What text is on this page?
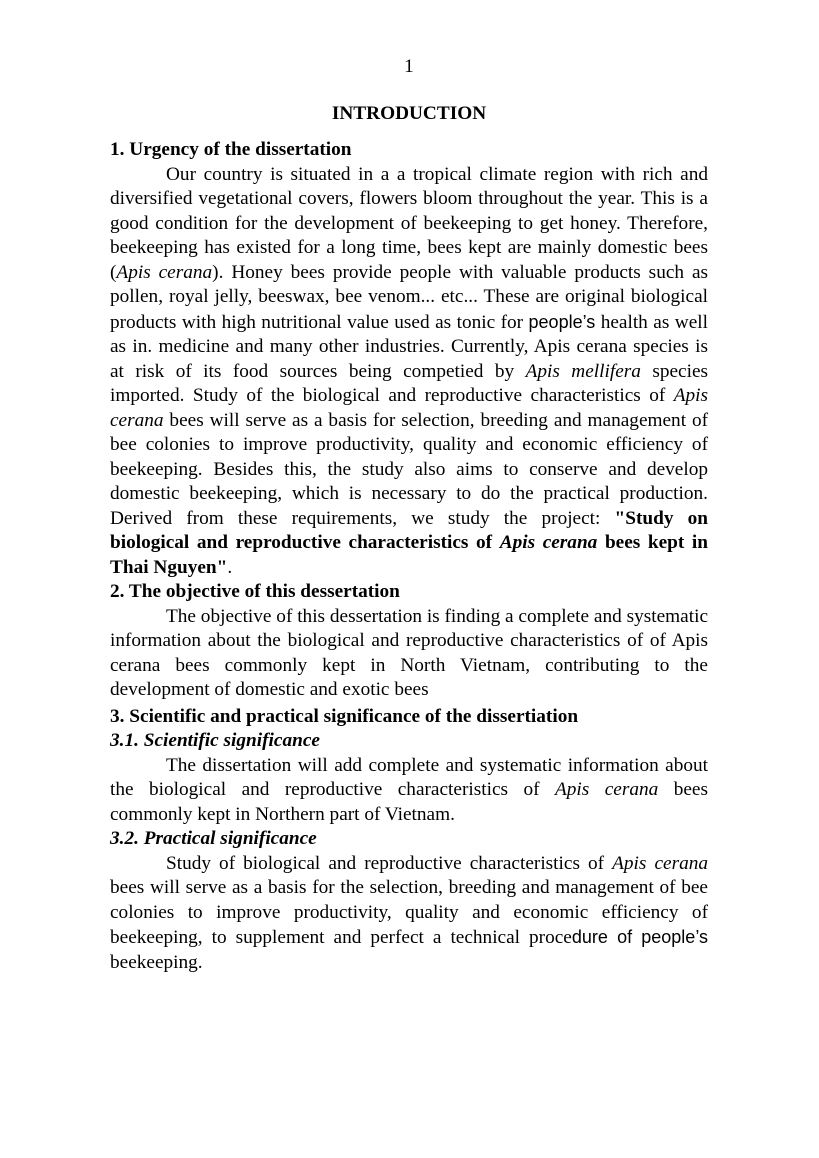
1
INTRODUCTION
1. Urgency of the dissertation

Our country is situated in a a tropical climate region with rich and diversified vegetational covers, flowers bloom throughout the year. This is a good condition for the development of beekeeping to get honey. Therefore, beekeeping has existed for a long time, bees kept are mainly domestic bees (Apis cerana). Honey bees provide people with valuable products such as pollen, royal jelly, beeswax, bee venom... etc... These are original biological products with high nutritional value used as tonic for people’s health as well as in. medicine and many other industries. Currently, Apis cerana species is at risk of its food sources being competied by Apis mellifera species imported. Study of the biological and reproductive characteristics of Apis cerana bees will serve as a basis for selection, breeding and management of bee colonies to improve productivity, quality and economic efficiency of beekeeping. Besides this, the study also aims to conserve and develop domestic beekeeping, which is necessary to do the practical production. Derived from these requirements, we study the project: "Study on biological and reproductive characteristics of Apis cerana bees kept in Thai Nguyen".

2. The objective of this dessertation

The objective of this dessertation is finding a complete and systematic information about the biological and reproductive characteristics of of Apis cerana bees commonly kept in North Vietnam, contributing to the development of domestic and exotic bees

3. Scientific and practical significance of the dissertiation
3.1. Scientific significance

The dissertation will add complete and systematic information about the biological and reproductive characteristics of Apis cerana bees commonly kept in Northern part of Vietnam.

3.2. Practical significance

Study of biological and reproductive characteristics of Apis cerana bees will serve as a basis for the selection, breeding and management of bee colonies to improve productivity, quality and economic efficiency of beekeeping, to supplement and perfect a technical procedure of people’s beekeeping.
